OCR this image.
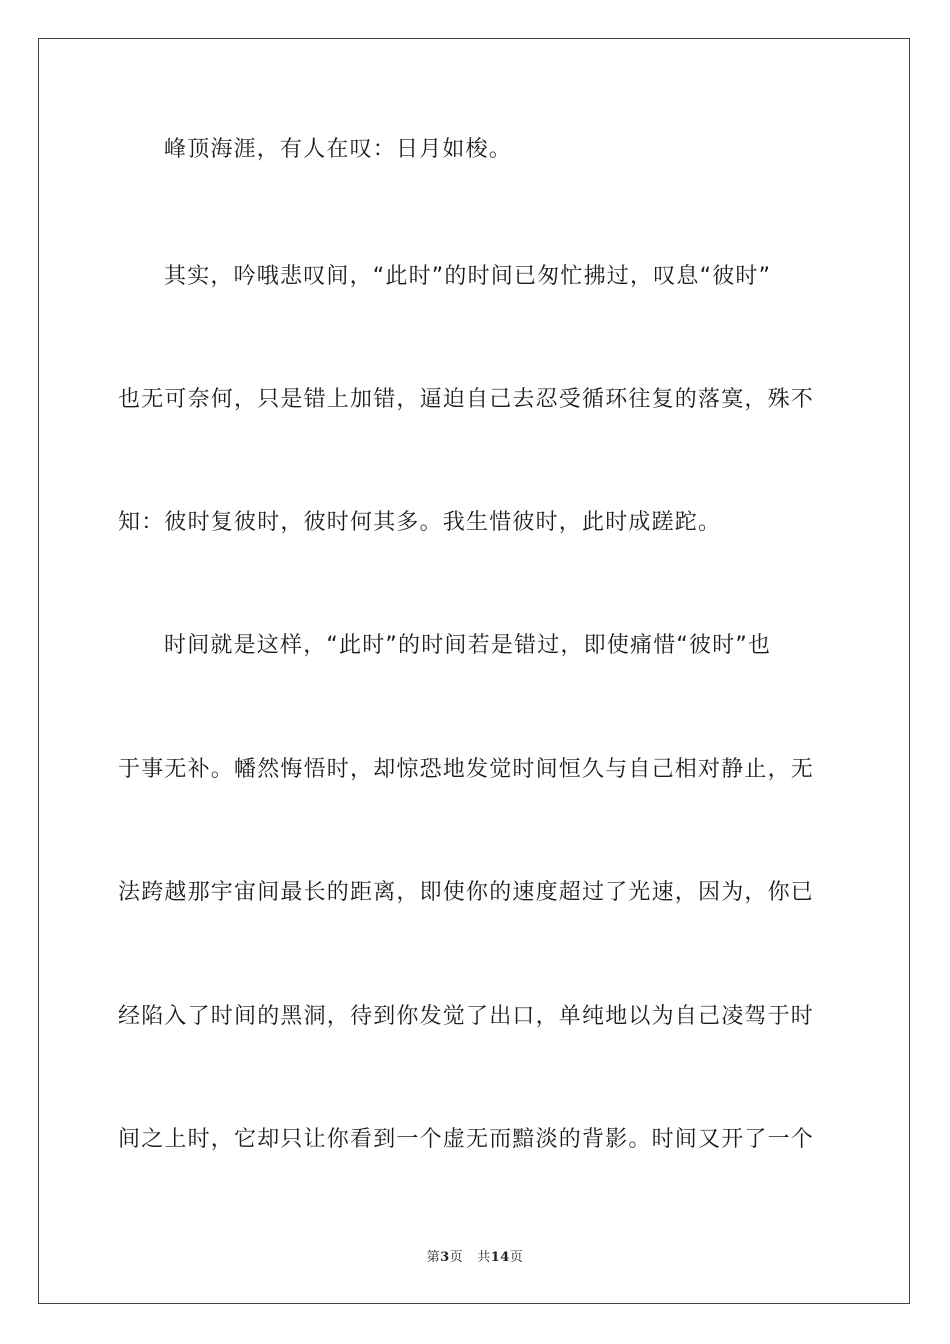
峰顶海涯，有人在叹：日月如梭。
其实，吟哦悲叹间，“此时”的时间已匆忙拂过，叹息“彼时”
也无可奈何，只是错上加错，逼迫自己去忍受循环往复的落寞，殊不
知：彼时复彼时，彼时何其多。我生惜彼时，此时成蹉跎。
时间就是这样，“此时”的时间若是错过，即使痛惜“彼时”也
于事无补。幡然悔悟时，却惊恐地发觉时间恒久与自己相对静止，无
法跨越那宇宙间最长的距离，即使你的速度超过了光速，因为，你已
经陷入了时间的黑洞，待到你发觉了出口，单纯地以为自己凌驾于时
间之上时，它却只让你看到一个虚无而黯淡的背影。时间又开了一个
第3页 共14页
